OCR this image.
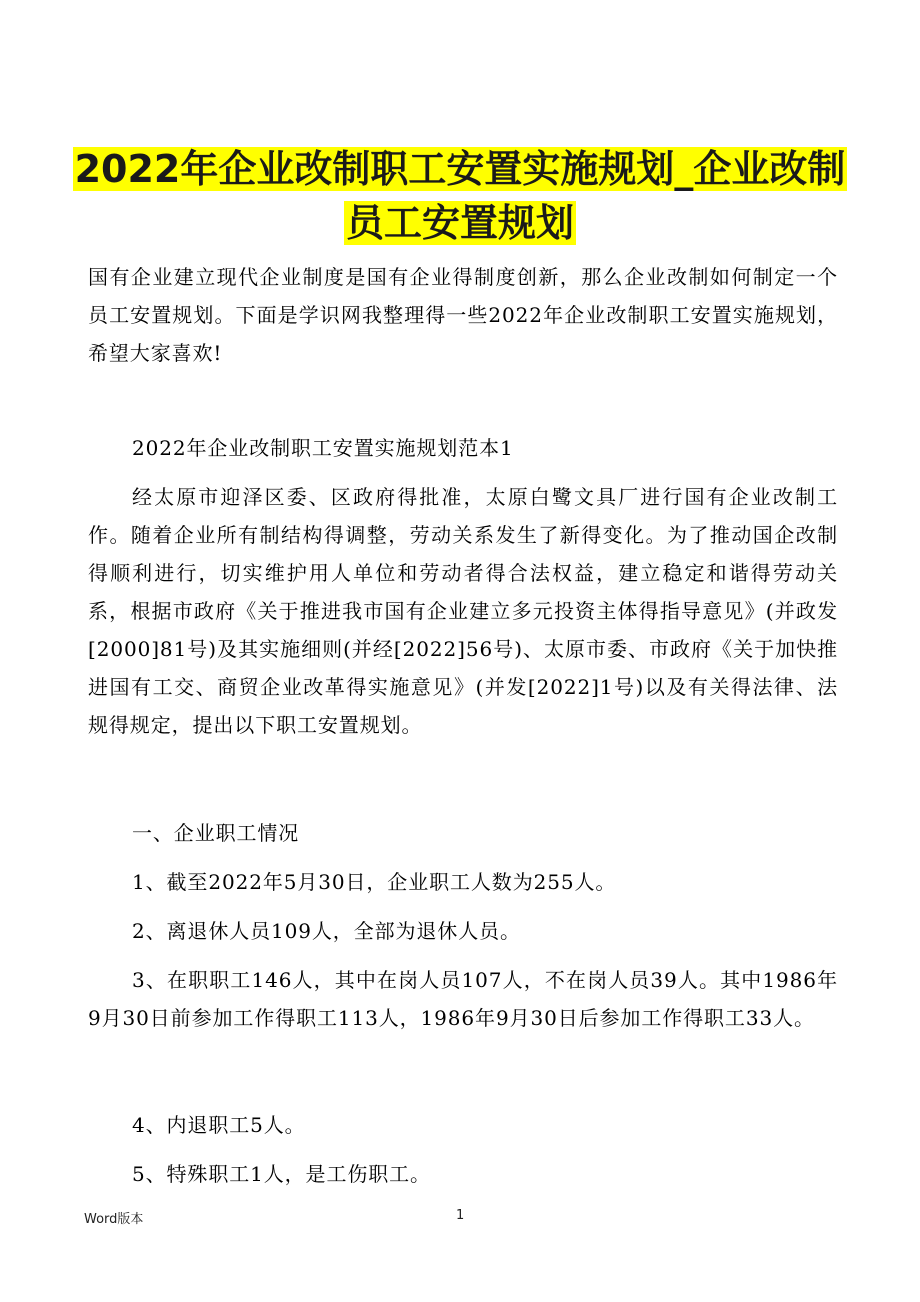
2022年企业改制职工安置实施规划_企业改制
员工安置规划

国有企业建立现代企业制度是国有企业得制度创新，那么企业改制如何制定一个员工安置规划。下面是学识网我整理得一些2022年企业改制职工安置实施规划，希望大家喜欢!

2022年企业改制职工安置实施规划范本1

经太原市迎泽区委、区政府得批准，太原白鹭文具厂进行国有企业改制工作。随着企业所有制结构得调整，劳动关系发生了新得变化。为了推动国企改制得顺利进行，切实维护用人单位和劳动者得合法权益，建立稳定和谐得劳动关系，根据市政府《关于推进我市国有企业建立多元投资主体得指导意见》(并政发[2000]81号)及其实施细则(并经[2022]56号)、太原市委、市政府《关于加快推进国有工交、商贸企业改革得实施意见》(并发[2022]1号)以及有关得法律、法规得规定，提出以下职工安置规划。

一、企业职工情况
1、截至2022年5月30日，企业职工人数为255人。
2、离退休人员109人，全部为退休人员。

3、在职职工146人，其中在岗人员107人，不在岗人员39人。其中1986年9月30日前参加工作得职工113人，1986年9月30日后参加工作得职工33人。

4、内退职工5人。
5、特殊职工1人，是工伤职工。
Word版本	1
